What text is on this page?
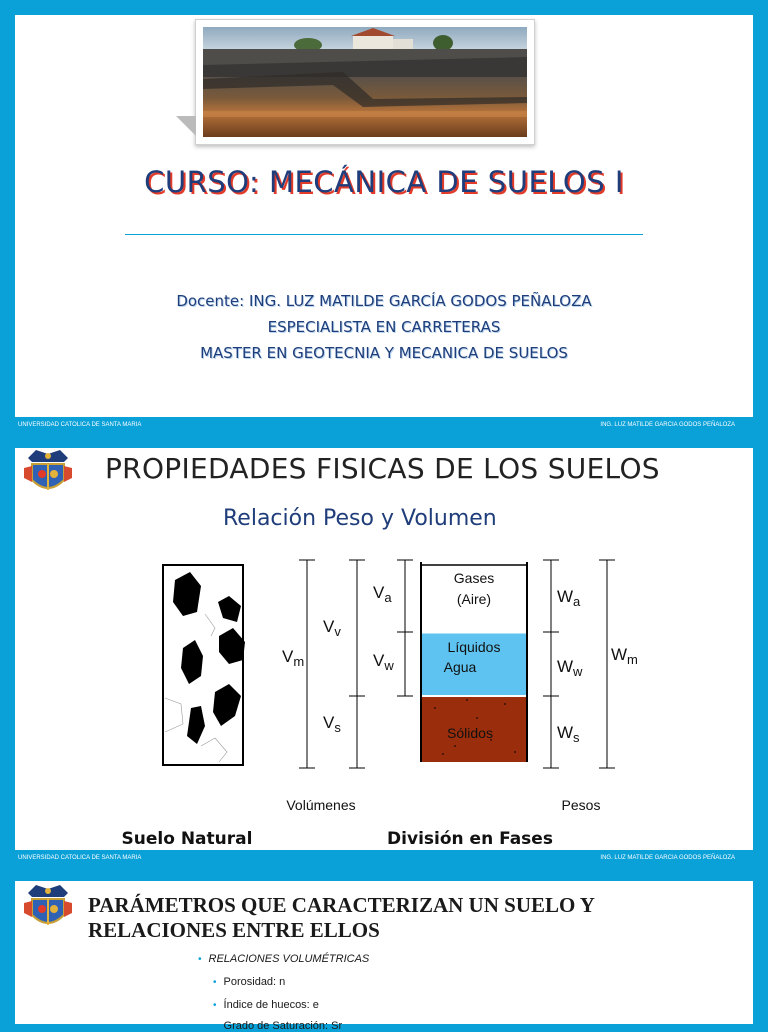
CURSO: MECÁNICA DE SUELOS I
Docente: ING. LUZ MATILDE GARCÍA GODOS PEÑALOZA
ESPECIALISTA EN CARRETERAS
MASTER EN GEOTECNIA Y MECANICA DE SUELOS
UNIVERSIDAD CATOLICA DE SANTA MARIA	ING. LUZ MATILDE GARCIA GODOS PEÑALOZA
PROPIEDADES FISICAS DE LOS SUELOS
Relación Peso y Volumen
$V_m$
$V_v$
$V_s$
$V_a$
$V_w$
Gases
(Aire)
Líquidos
Agua
Sólidos
$W_a$
$W_w$
$W_s$
$W_m$
Volúmenes	Pesos
Suelo Natural	División en Fases
UNIVERSIDAD CATOLICA DE SANTA MARIA	ING. LUZ MATILDE GARCIA GODOS PEÑALOZA
PARÁMETROS QUE CARACTERIZAN UN SUELO Y
RELACIONES ENTRE ELLOS
• RELACIONES VOLUMÉTRICAS
• Porosidad: n
• Índice de huecos: e
• Grado de Saturación: Sr
